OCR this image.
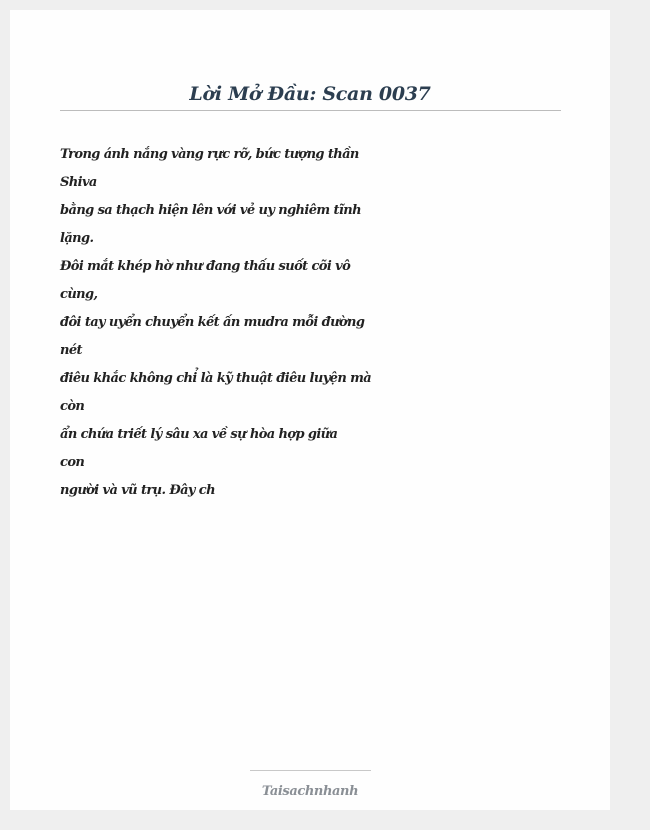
Lời Mở Đầu: Scan 0037
Trong ánh nắng vàng rực rỡ, bức tượng thần
Shiva
bằng sa thạch hiện lên với vẻ uy nghiêm tĩnh
lặng.
Đôi mắt khép hờ như đang thấu suốt cõi vô
cùng,
đôi tay uyển chuyển kết ấn mudra mỗi đường
nét
điêu khắc không chỉ là kỹ thuật điêu luyện mà
còn
ẩn chứa triết lý sâu xa về sự hòa hợp giữa
con
người và vũ trụ. Đây ch
Taisachnhanh
